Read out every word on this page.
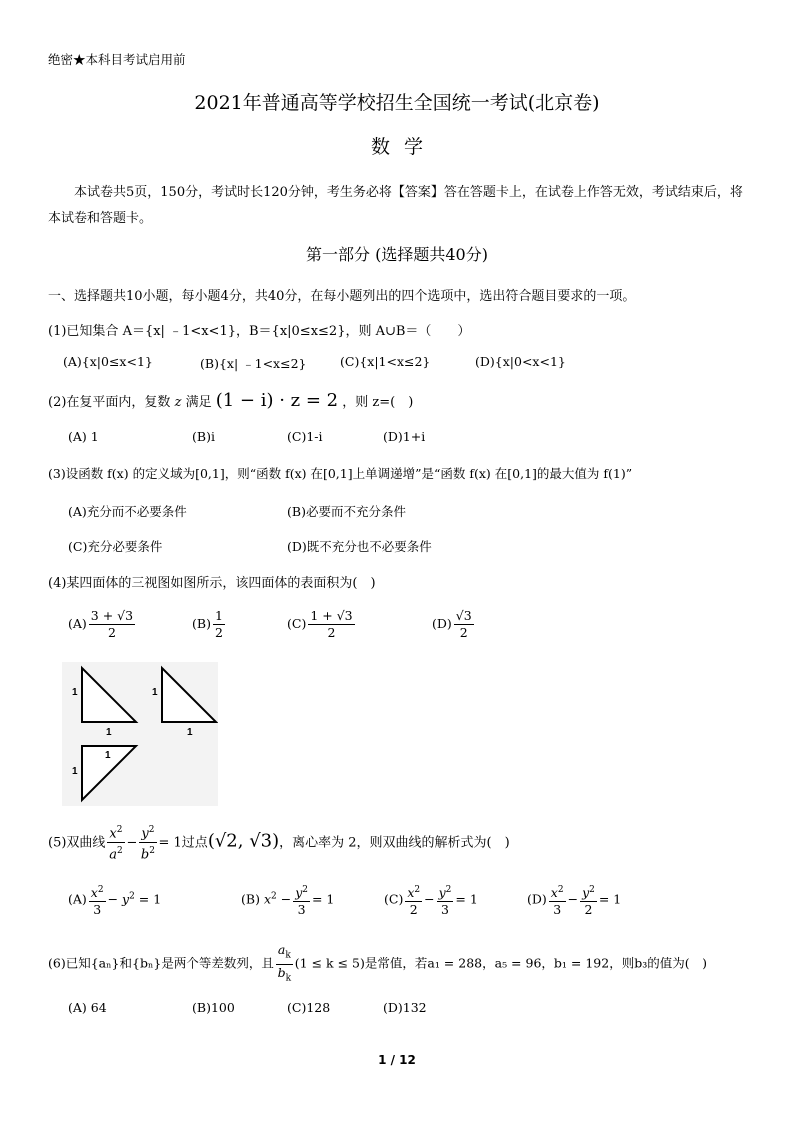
绝密★本科目考试启用前
2021年普通高等学校招生全国统一考试(北京卷)
数学
本试卷共5页，150分，考试时长120分钟，考生务必将【答案】答在答题卡上，在试卷上作答无效，考试结束后，将本试卷和答题卡。
第一部分 (选择题共40分)
一、选择题共10小题，每小题4分，共40分，在每小题列出的四个选项中，选出符合题目要求的一项。
(1)已知集合 A＝{x| ﹣1<x<1}，B＝{x|0≤x≤2}，则 A∪B＝（　　）
(A){x|0≤x<1}	(B){x| ﹣1<x≤2}	(C){x|1<x≤2}	(D){x|0<x<1}
(2)在复平面内，复数 z 满足 (1 − i) · z = 2 ，则 z=(　)
(A) 1	(B)i	(C)1-i	(D)1+i
(3)设函数 f(x) 的定义域为[0,1]，则“函数 f(x) 在[0,1]上单调递增”是“函数 f(x) 在[0,1]的最大值为 f(1)”
(A)充分而不必要条件	(B)必要而不充分条件
(C)充分必要条件	(D)既不充分也不必要条件
(4)某四面体的三视图如图所示，该四面体的表面积为(　)
$(A) \frac{3 + √3}{2}$	$(B) \frac{1}{2}$	$(C) \frac{1 + √3}{2}$	$(D) \frac{√3}{2}$
1
1
1
1
1
1
(5)双曲线 $\frac{x^2}{a^2} - \frac{y^2}{b^2} = 1$过点(√2, √3)，离心率为 2，则双曲线的解析式为(　)
$(A) \frac{x^2}{3} - y^2 = 1$	(B) $x^2 - \frac{y^2}{3} = 1$	$(C) \frac{x^2}{2} - \frac{y^2}{3} = 1$	$(D) \frac{x^2}{3} - \frac{y^2}{2} = 1$
(6)已知{aₙ}和{bₙ}是两个等差数列，且 $\frac{a_k}{b_k} (1 \le k \le 5)$是常值，若a₁ = 288，a₅ = 96，b₁ = 192，则b₃的值为(　)
(A) 64	(B)100	(C)128	(D)132
1 / 12
